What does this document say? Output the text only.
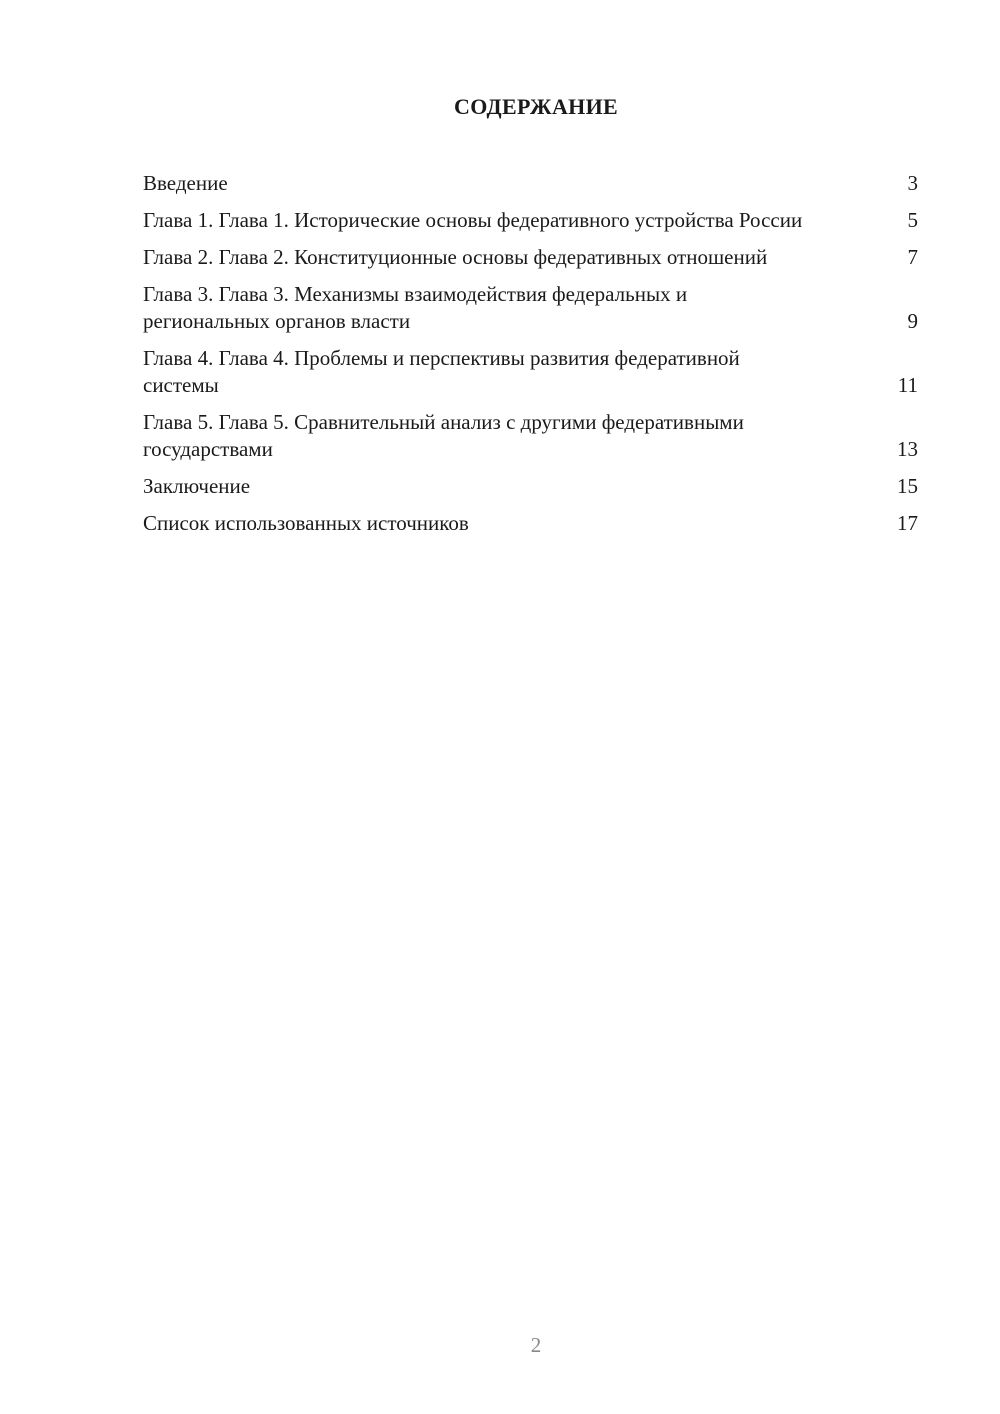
СОДЕРЖАНИЕ
Введение	3
Глава 1. Глава 1. Исторические основы федеративного устройства России	5
Глава 2. Глава 2. Конституционные основы федеративных отношений	7
Глава 3. Глава 3. Механизмы взаимодействия федеральных и региональных органов власти	9
Глава 4. Глава 4. Проблемы и перспективы развития федеративной системы	11
Глава 5. Глава 5. Сравнительный анализ с другими федеративными государствами	13
Заключение	15
Список использованных источников	17

2
